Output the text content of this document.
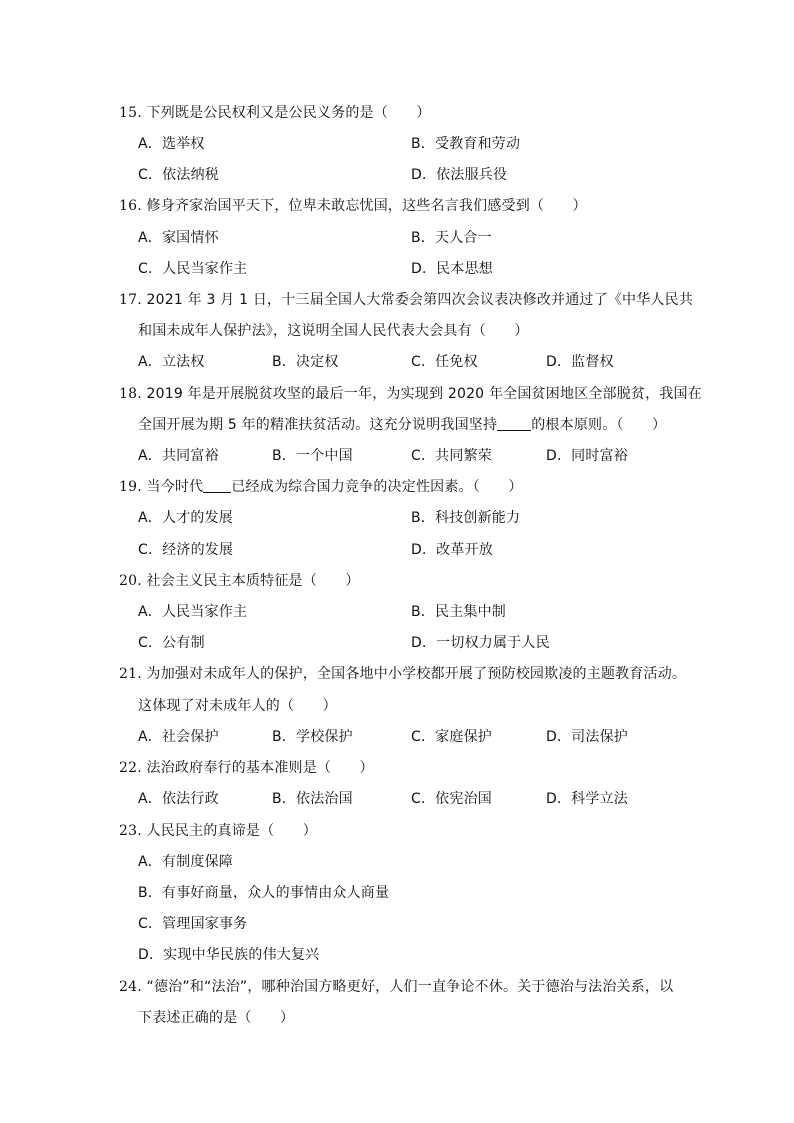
15. 下列既是公民权利又是公民义务的是（　　）
A．选举权	B．受教育和劳动
C．依法纳税	D．依法服兵役
16. 修身齐家治国平天下，位卑未敢忘忧国，这些名言我们感受到（　　）
A．家国情怀	B．天人合一
C．人民当家作主	D．民本思想
17. 2021 年 3 月 1 日，十三届全国人大常委会第四次会议表决修改并通过了《中华人民共
和国未成年人保护法》，这说明全国人民代表大会具有（　　）
A．立法权	B．决定权	C．任免权	D．监督权
18. 2019 年是开展脱贫攻坚的最后一年，为实现到 2020 年全国贫困地区全部脱贫，我国在
全国开展为期 5 年的精准扶贫活动。这充分说明我国坚持 的根本原则。（　　）
A．共同富裕	B．一个中国	C．共同繁荣	D．同时富裕
19. 当今时代 已经成为综合国力竞争的决定性因素。（　　）
A．人才的发展	B．科技创新能力
C．经济的发展	D．改革开放
20. 社会主义民主本质特征是（　　）
A．人民当家作主	B．民主集中制
C．公有制	D．一切权力属于人民
21. 为加强对未成年人的保护，全国各地中小学校都开展了预防校园欺凌的主题教育活动。
这体现了对未成年人的（　　）
A．社会保护	B．学校保护	C．家庭保护	D．司法保护
22. 法治政府奉行的基本准则是（　　）
A．依法行政	B．依法治国	C．依宪治国	D．科学立法
23. 人民民主的真谛是（　　）
A．有制度保障
B．有事好商量，众人的事情由众人商量
C．管理国家事务
D．实现中华民族的伟大复兴
24. “德治”和“法治”，哪种治国方略更好，人们一直争论不休。关于德治与法治关系，以
下表述正确的是（　　）
